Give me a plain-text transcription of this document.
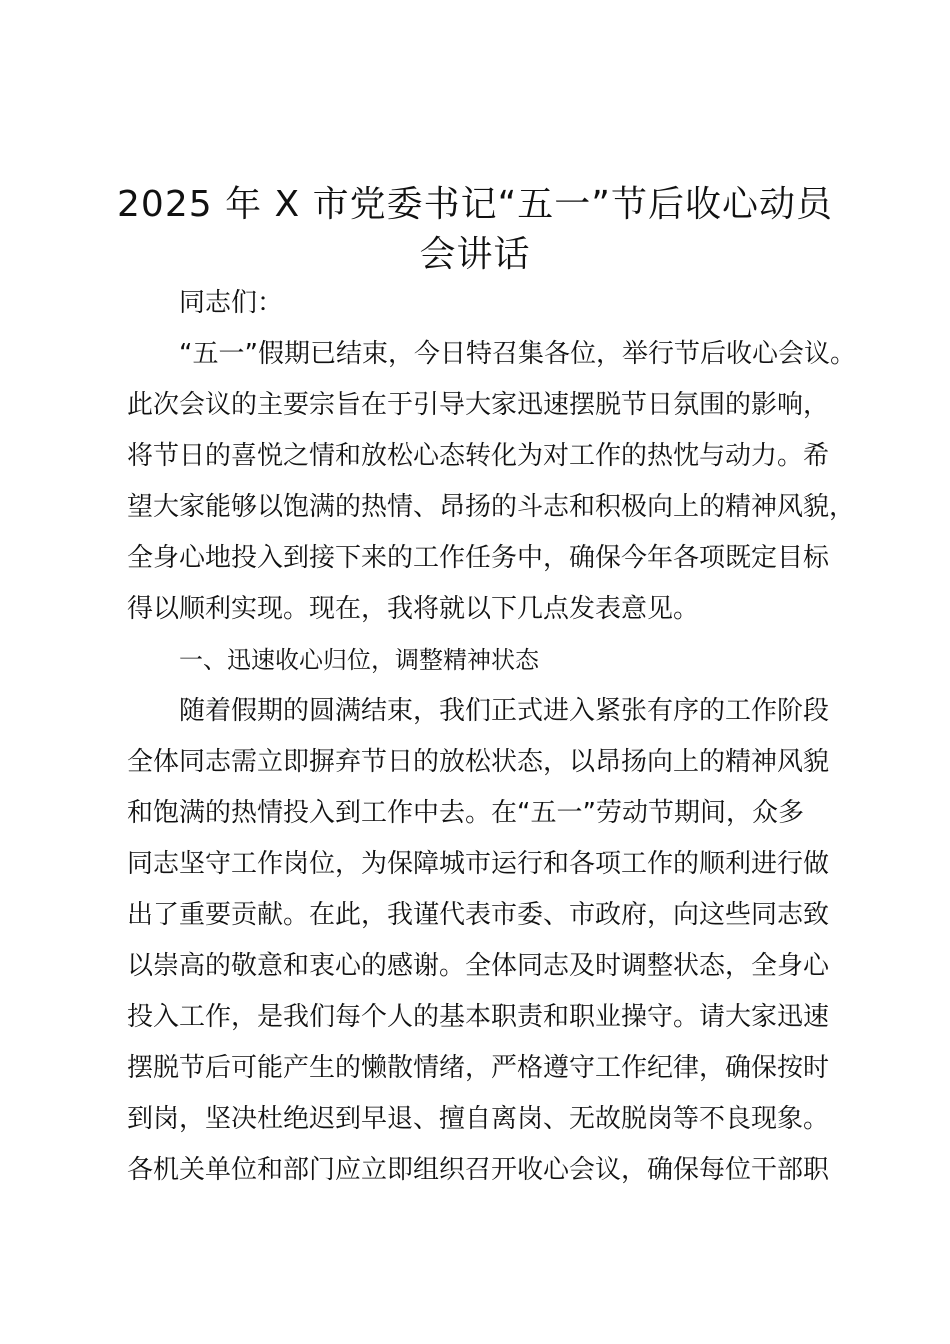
2025 年 X 市党委书记“五一”节后收心动员
会讲话
同志们：
“五一”假期已结束，今日特召集各位，举行节后收心会议。
此次会议的主要宗旨在于引导大家迅速摆脱节日氛围的影响，
将节日的喜悦之情和放松心态转化为对工作的热忱与动力。希
望大家能够以饱满的热情、昂扬的斗志和积极向上的精神风貌，
全身心地投入到接下来的工作任务中，确保今年各项既定目标
得以顺利实现。现在，我将就以下几点发表意见。
一、迅速收心归位，调整精神状态
随着假期的圆满结束，我们正式进入紧张有序的工作阶段
全体同志需立即摒弃节日的放松状态，以昂扬向上的精神风貌
和饱满的热情投入到工作中去。在“五一”劳动节期间，众多
同志坚守工作岗位，为保障城市运行和各项工作的顺利进行做
出了重要贡献。在此，我谨代表市委、市政府，向这些同志致
以崇高的敬意和衷心的感谢。全体同志及时调整状态，全身心
投入工作，是我们每个人的基本职责和职业操守。请大家迅速
摆脱节后可能产生的懒散情绪，严格遵守工作纪律，确保按时
到岗，坚决杜绝迟到早退、擅自离岗、无故脱岗等不良现象。
各机关单位和部门应立即组织召开收心会议，确保每位干部职
